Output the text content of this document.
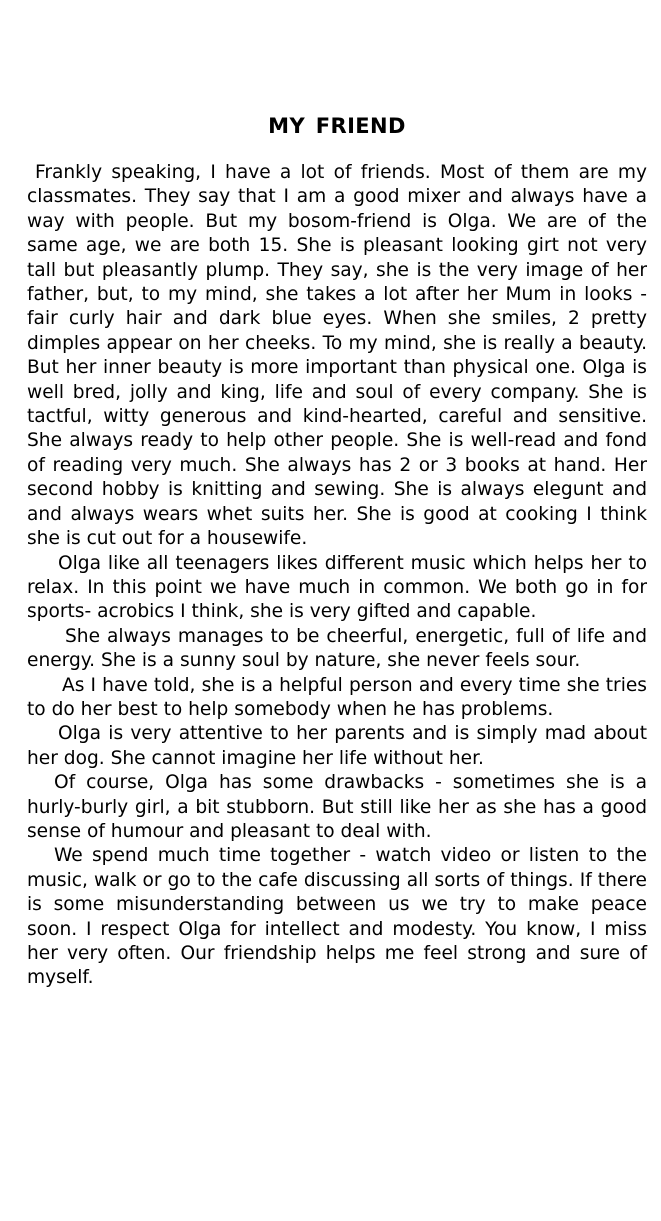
MY FRIEND

Frankly speaking, I have a lot of friends. Most of them are my classmates. They say that I am a good mixer and always have a way with people. But my bosom-friend is Olga. We are of the same age, we are both 15. She is pleasant looking girt not very tall but pleasantly plump. They say, she is the very image of her father, but, to my mind, she takes a lot after her Mum in looks - fair curly hair and dark blue eyes. When she smiles, 2 pretty dimples appear on her cheeks. To my mind, she is really a beauty. But her inner beauty is more important than physical one. Olga is well bred, jolly and king, life and soul of every company. She is tactful, witty generous and kind-hearted, careful and sensitive. She always ready to help other people. She is well-read and fond of reading very much. She always has 2 or 3 books at hand. Her second hobby is knitting and sewing. She is always elegunt and and always wears whet suits her. She is good at cooking I think she is cut out for a housewife.

Olga like all teenagers likes different music which helps her to relax. In this point we have much in common. We both go in for sports- acrobics I think, she is very gifted and capable.

She always manages to be cheerful, energetic, full of life and energy. She is a sunny soul by nature, she never feels sour.

As I have told, she is a helpful person and every time she tries to do her best to help somebody when he has problems.

Olga is very attentive to her parents and is simply mad about her dog. She cannot imagine her life without her.

Of course, Olga has some drawbacks - sometimes she is a hurly-burly girl, a bit stubborn. But still like her as she has a good sense of humour and pleasant to deal with.

We spend much time together - watch video or listen to the music, walk or go to the cafe discussing all sorts of things. If there is some misunderstanding between us we try to make peace soon. I respect Olga for intellect and modesty. You know, I miss her very often. Our friendship helps me feel strong and sure of myself.
